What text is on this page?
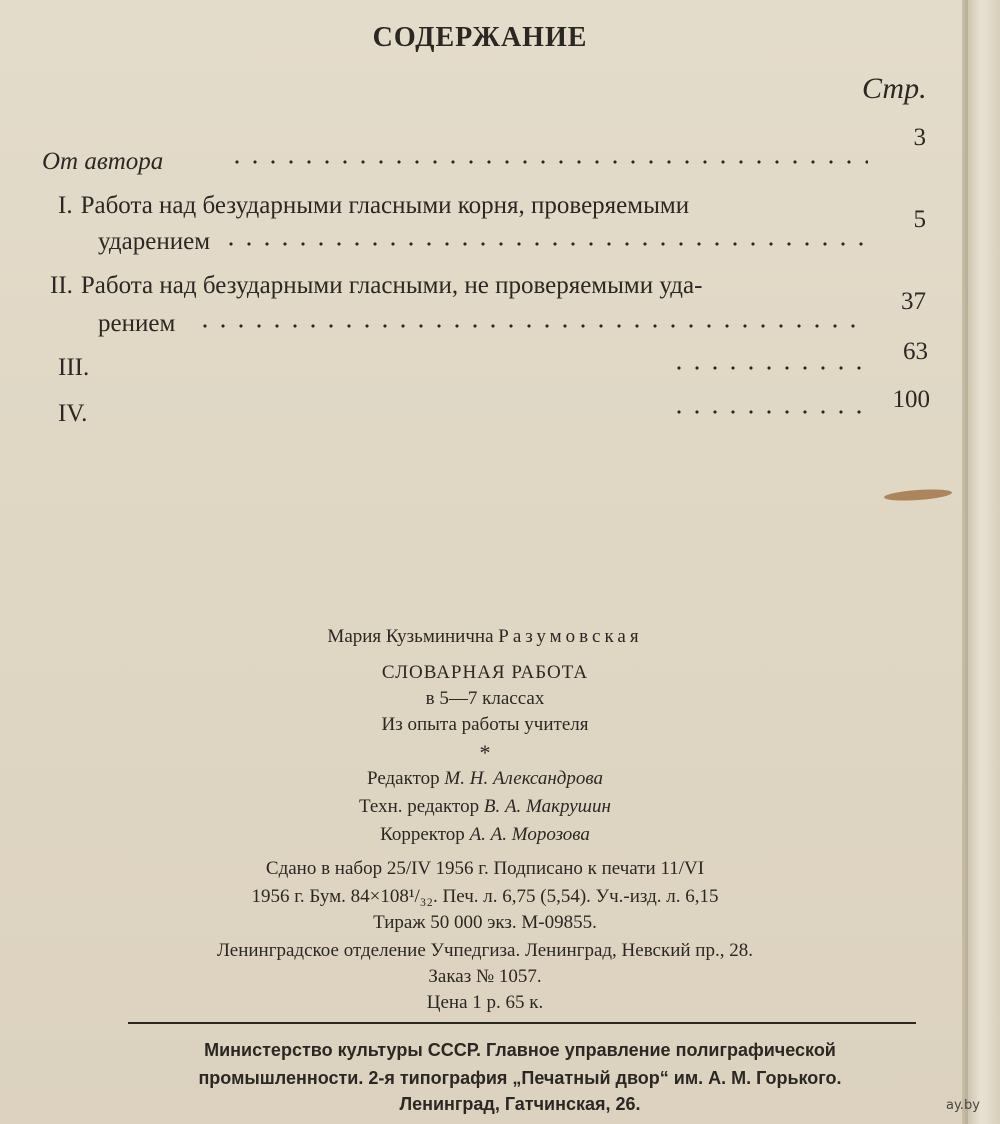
СОДЕРЖАНИЕ
Стр.
От автора
3
I. Работа над безударными гласными корня, проверяемыми
ударением
5
II. Работа над безударными гласными, не проверяемыми уда-
рением
37
III.
63
IV.
100
Мария Кузьминична Разумовская
СЛОВАРНАЯ РАБОТА
в 5—7 классах
Из опыта работы учителя
*
Редактор М. Н. Александрова
Техн. редактор В. А. Макрушин
Корректор А. А. Морозова
Сдано в набор 25/IV 1956 г. Подписано к печати 11/VI
1956 г. Бум. 84×108¹/₃₂. Печ. л. 6,75 (5,54). Уч.-изд. л. 6,15
Тираж 50 000 экз. М-09855.
Ленинградское отделение Учпедгиза. Ленинград, Невский пр., 28.
Заказ № 1057.
Цена 1 р. 65 к.
Министерство культуры СССР. Главное управление полиграфической
промышленности. 2-я типография „Печатный двор“ им. А. М. Горького.
Ленинград, Гатчинская, 26.	ay.by
